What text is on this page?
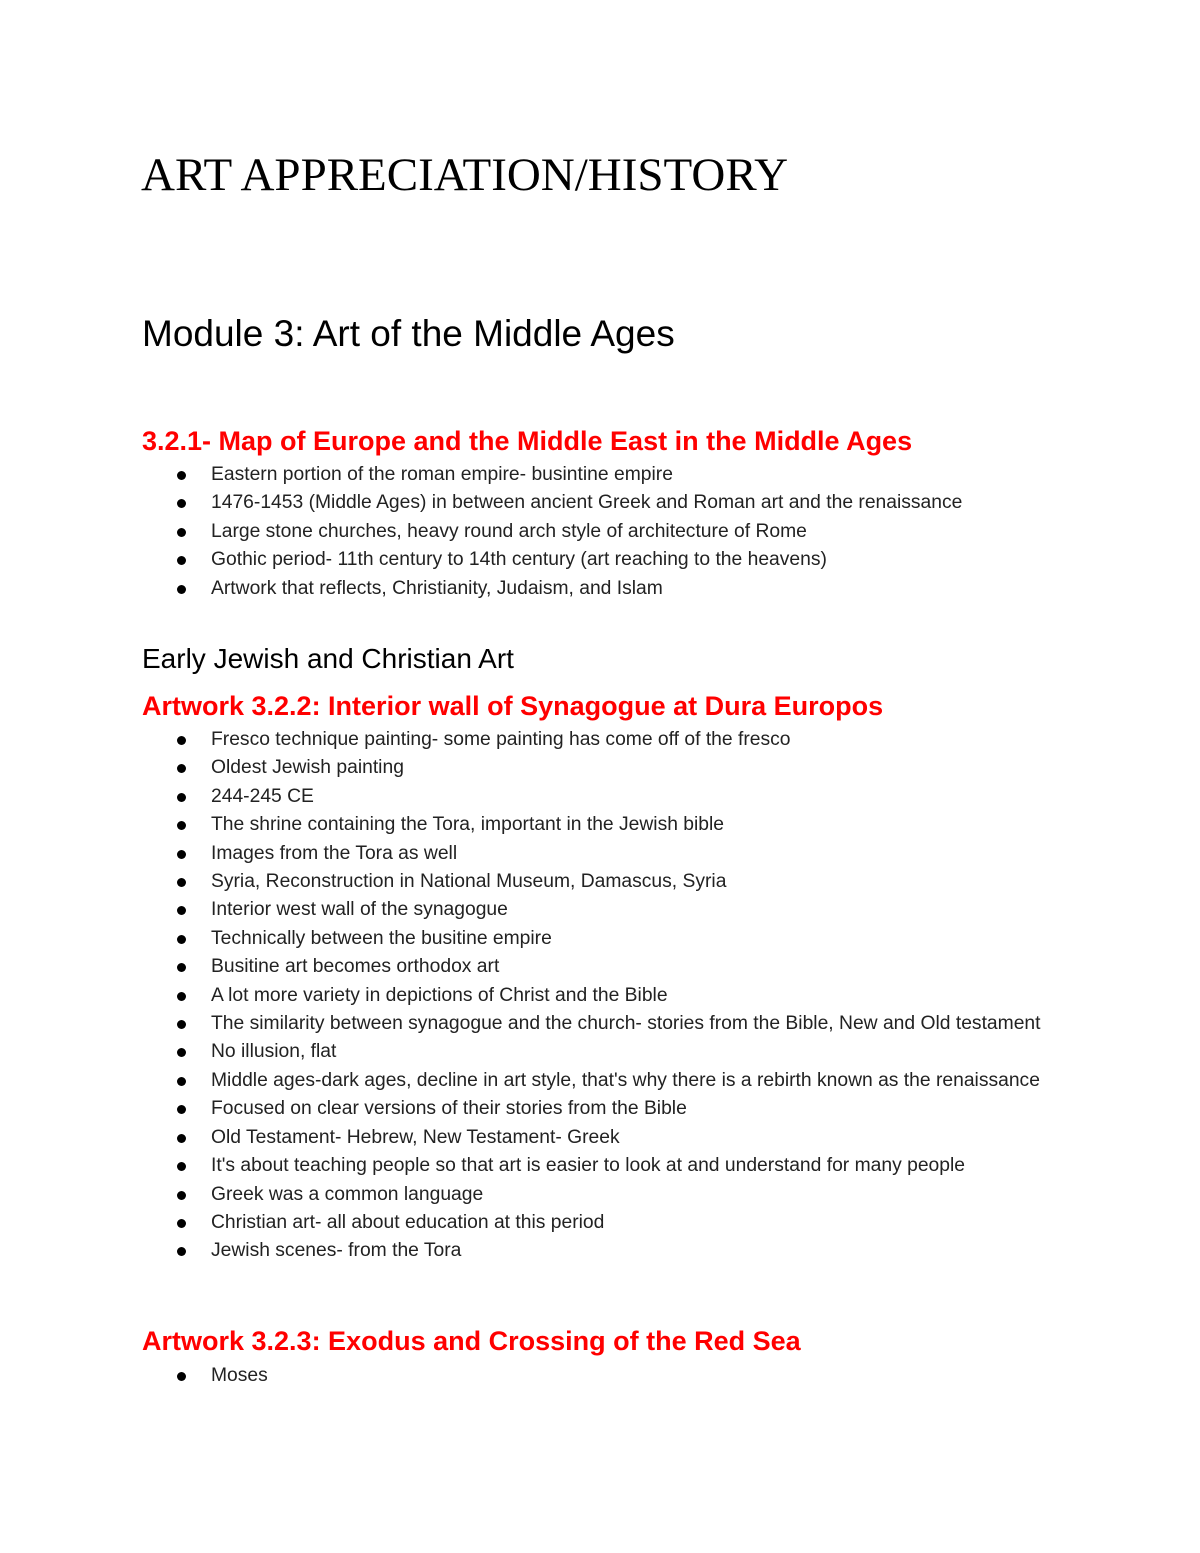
ART APPRECIATION/HISTORY
Module 3: Art of the Middle Ages
3.2.1- Map of Europe and the Middle East in the Middle Ages
Eastern portion of the roman empire- busintine empire
1476-1453 (Middle Ages) in between ancient Greek and Roman art and the renaissance
Large stone churches, heavy round arch style of architecture of Rome
Gothic period- 11th century to 14th century (art reaching to the heavens)
Artwork that reflects, Christianity, Judaism, and Islam
Early Jewish and Christian Art
Artwork 3.2.2: Interior wall of Synagogue at Dura Europos
Fresco technique painting- some painting has come off of the fresco
Oldest Jewish painting
244-245 CE
The shrine containing the Tora, important in the Jewish bible
Images from the Tora as well
Syria, Reconstruction in National Museum, Damascus, Syria
Interior west wall of the synagogue
Technically between the busitine empire
Busitine art becomes orthodox art
A lot more variety in depictions of Christ and the Bible
The similarity between synagogue and the church- stories from the Bible, New and Old testament
No illusion, flat
Middle ages-dark ages, decline in art style, that's why there is a rebirth known as the renaissance
Focused on clear versions of their stories from the Bible
Old Testament- Hebrew, New Testament- Greek
It's about teaching people so that art is easier to look at and understand for many people
Greek was a common language
Christian art- all about education at this period
Jewish scenes- from the Tora
Artwork 3.2.3: Exodus and Crossing of the Red Sea
Moses
